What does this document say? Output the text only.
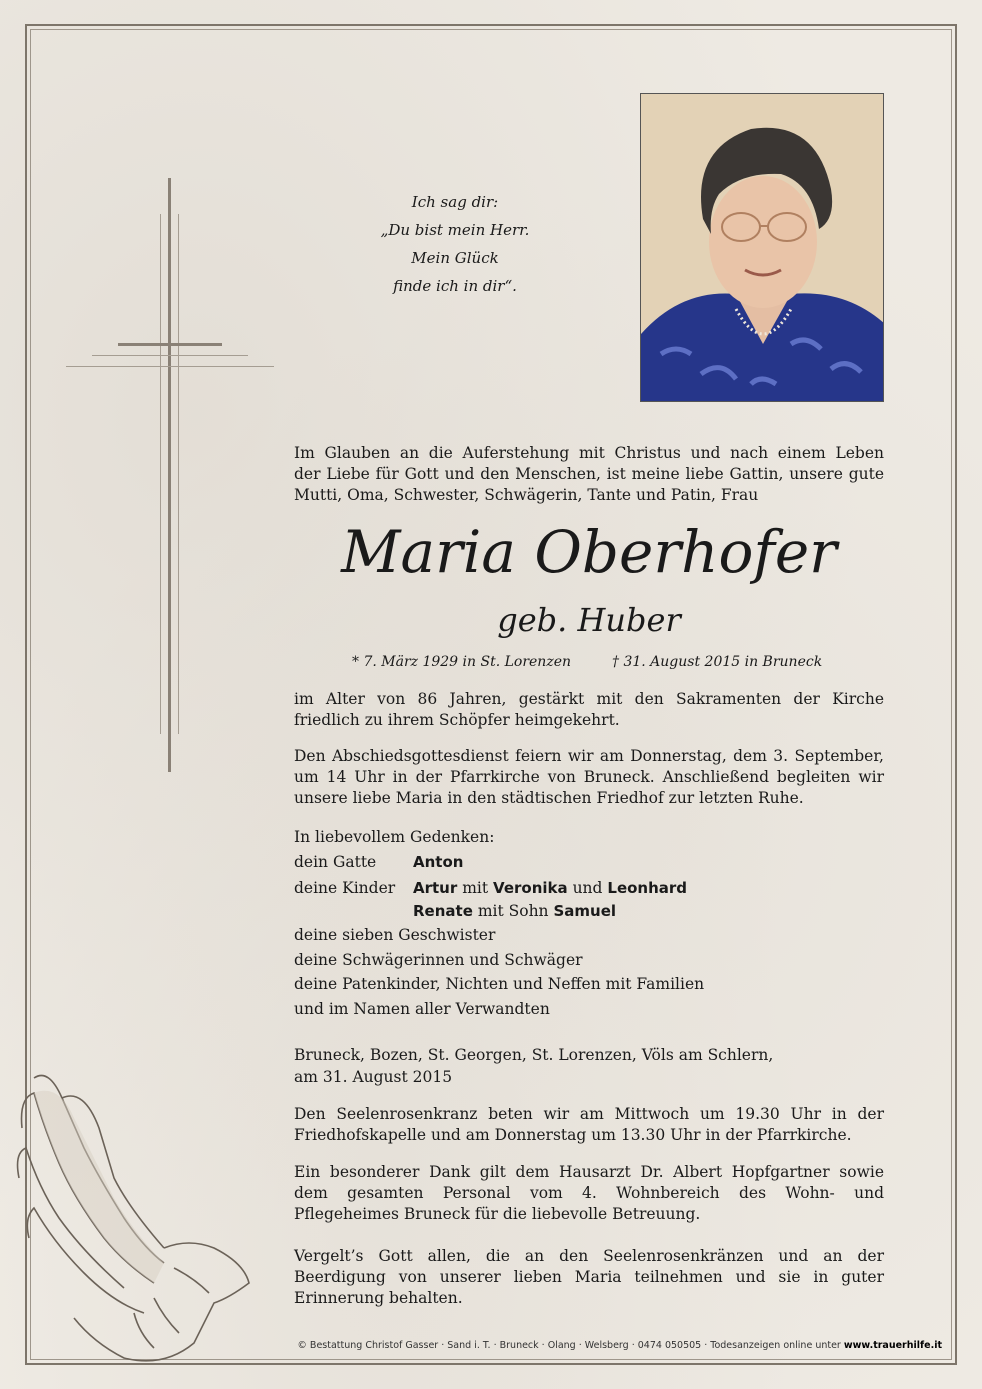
Ich sag dir:
„Du bist mein Herr.
Mein Glück
finde ich in dir“.
Im Glauben an die Auferstehung mit Christus und nach einem Leben
der Liebe für Gott und den Menschen, ist meine liebe Gattin, unsere gute
Mutti, Oma, Schwester, Schwägerin, Tante und Patin, Frau
Maria Oberhofer
geb. Huber
* 7. März 1929 in St. Lorenzen	† 31. August 2015 in Bruneck
im Alter von 86 Jahren, gestärkt mit den Sakramenten der Kirche
friedlich zu ihrem Schöpfer heimgekehrt.
Den Abschiedsgottesdienst feiern wir am Donnerstag, dem 3. September,
um 14 Uhr in der Pfarrkirche von Bruneck. Anschließend begleiten wir
unsere liebe Maria in den städtischen Friedhof zur letzten Ruhe.
In liebevollem Gedenken:
dein Gatte Anton
deine Kinder Artur mit Veronika und Leonhard
Renate mit Sohn Samuel
deine sieben Geschwister
deine Schwägerinnen und Schwäger
deine Patenkinder, Nichten und Neffen mit Familien
und im Namen aller Verwandten
Bruneck, Bozen, St. Georgen, St. Lorenzen, Völs am Schlern,
am 31. August 2015
Den Seelenrosenkranz beten wir am Mittwoch um 19.30 Uhr in der
Friedhofskapelle und am Donnerstag um 13.30 Uhr in der Pfarrkirche.
Ein besonderer Dank gilt dem Hausarzt Dr. Albert Hopfgartner sowie
dem gesamten Personal vom 4. Wohnbereich des Wohn- und
Pflegeheimes Bruneck für die liebevolle Betreuung.
Vergelt’s Gott allen, die an den Seelenrosenkränzen und an der
Beerdigung von unserer lieben Maria teilnehmen und sie in guter
Erinnerung behalten.
© Bestattung Christof Gasser · Sand i. T. · Bruneck · Olang · Welsberg · 0474 050505 · Todesanzeigen online unter www.trauerhilfe.it
